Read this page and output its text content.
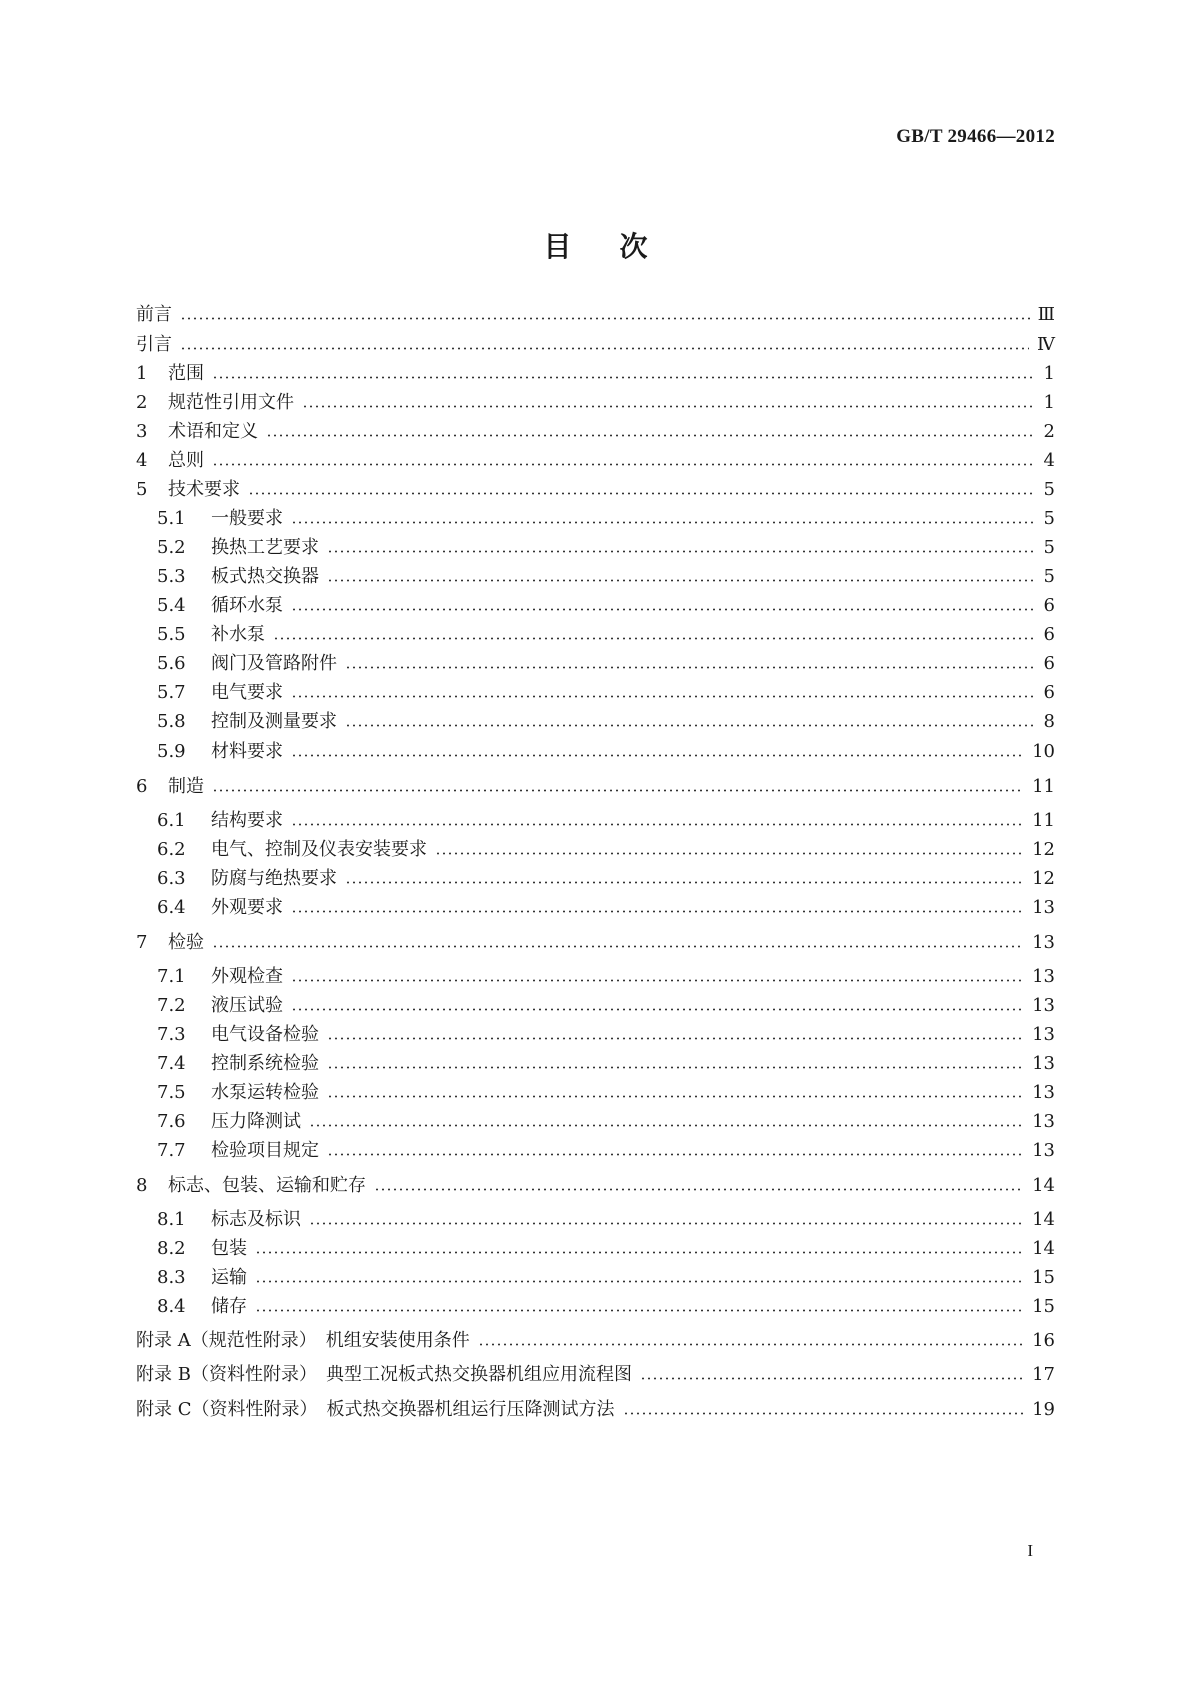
GB/T 29466—2012
目次
前言	Ⅲ
引言	Ⅳ
1	范围	1
2	规范性引用文件	1
3	术语和定义	2
4	总则	4
5	技术要求	5
5.1	一般要求	5
5.2	换热工艺要求	5
5.3	板式热交换器	5
5.4	循环水泵	6
5.5	补水泵	6
5.6	阀门及管路附件	6
5.7	电气要求	6
5.8	控制及测量要求	8
5.9	材料要求	10
6	制造	11
6.1	结构要求	11
6.2	电气、控制及仪表安装要求	12
6.3	防腐与绝热要求	12
6.4	外观要求	13
7	检验	13
7.1	外观检查	13
7.2	液压试验	13
7.3	电气设备检验	13
7.4	控制系统检验	13
7.5	水泵运转检验	13
7.6	压力降测试	13
7.7	检验项目规定	13
8	标志、包装、运输和贮存	14
8.1	标志及标识	14
8.2	包装	14
8.3	运输	15
8.4	储存	15
附录 A（规范性附录）　机组安装使用条件	16
附录 B（资料性附录）　典型工况板式热交换器机组应用流程图	17
附录 C（资料性附录）　板式热交换器机组运行压降测试方法	19
I
